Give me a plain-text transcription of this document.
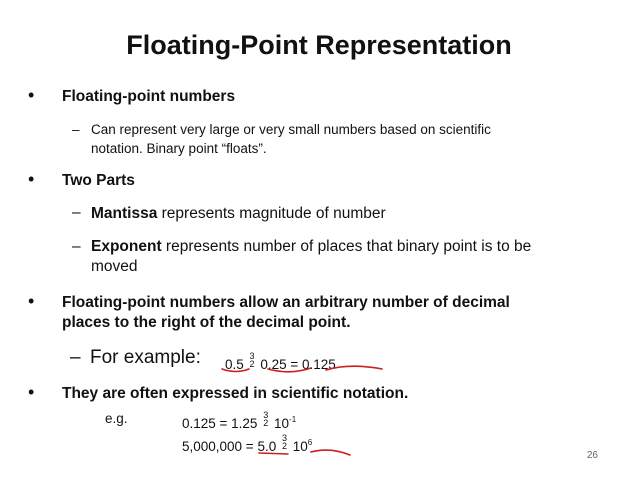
Floating-Point Representation
• Floating-point numbers
– Can represent very large or very small numbers based on scientific
notation. Binary point “floats”.
• Two Parts
– Mantissa represents magnitude of number
– Exponent represents number of places that binary point is to be
moved
• Floating-point numbers allow an arbitrary number of decimal
places to the right of the decimal point.
– For example: 0.5 3
2 0.25 = 0.125
• They are often expressed in scientific notation.
e.g.	0.125 = 1.25 3
2 $10^{-1}$
5,000,000 = 5.0 3
2 $10^6$
26
